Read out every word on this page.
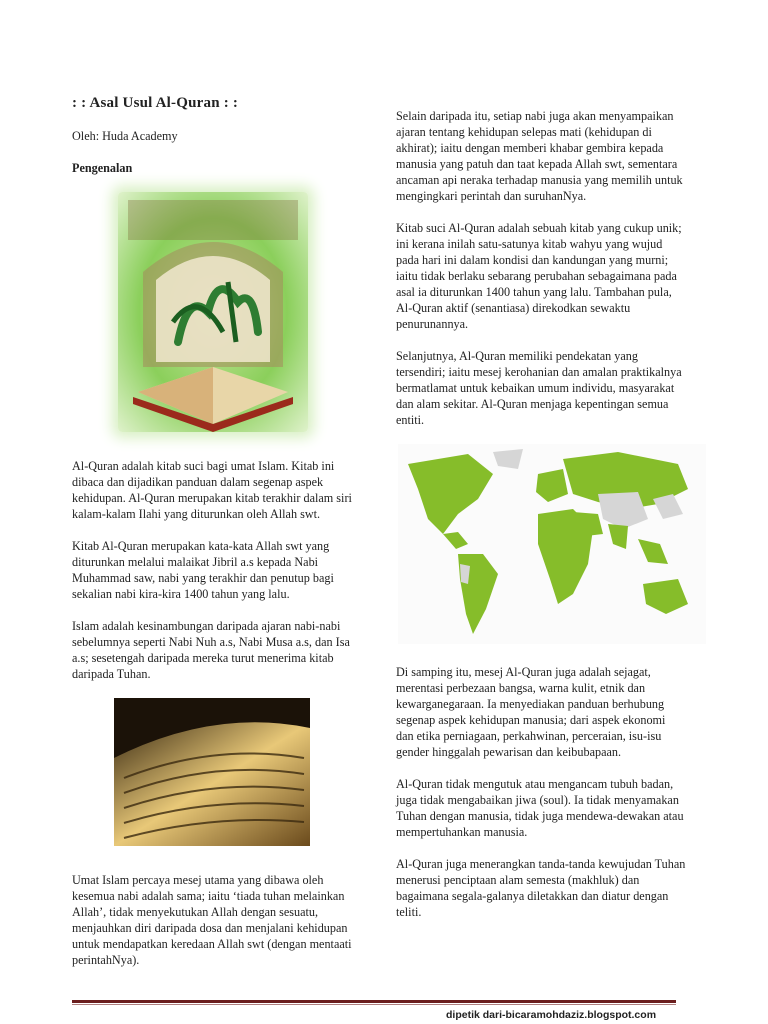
: : Asal Usul Al-Quran : :

Oleh: Huda Academy

Pengenalan

Al-Quran adalah kitab suci bagi umat Islam. Kitab ini dibaca dan dijadikan panduan dalam segenap aspek kehidupan. Al-Quran merupakan kitab terakhir dalam siri kalam-kalam Ilahi yang diturunkan oleh Allah swt.

Kitab Al-Quran merupakan kata-kata Allah swt yang diturunkan melalui malaikat Jibril a.s kepada Nabi Muhammad saw, nabi yang terakhir dan penutup bagi sekalian nabi kira-kira 1400 tahun yang lalu.

Islam adalah kesinambungan daripada ajaran nabi-nabi sebelumnya seperti Nabi Nuh a.s, Nabi Musa a.s, dan Isa a.s; sesetengah daripada mereka turut menerima kitab daripada Tuhan.

Umat Islam percaya mesej utama yang dibawa oleh kesemua nabi adalah sama; iaitu ‘tiada tuhan melainkan Allah’, tidak menyekutukan Allah dengan sesuatu, menjauhkan diri daripada dosa dan menjalani kehidupan untuk mendapatkan keredaan Allah swt (dengan mentaati perintahNya).

Selain daripada itu, setiap nabi juga akan menyampaikan ajaran tentang kehidupan selepas mati (kehidupan di akhirat); iaitu dengan memberi khabar gembira kepada manusia yang patuh dan taat kepada Allah swt, sementara ancaman api neraka terhadap manusia yang memilih untuk mengingkari perintah dan suruhanNya.

Kitab suci Al-Quran adalah sebuah kitab yang cukup unik; ini kerana inilah satu-satunya kitab wahyu yang wujud pada hari ini dalam kondisi dan kandungan yang murni; iaitu tidak berlaku sebarang perubahan sebagaimana pada asal ia diturunkan 1400 tahun yang lalu. Tambahan pula, Al-Quran aktif (senantiasa) direkodkan sewaktu penurunannya.

Selanjutnya, Al-Quran memiliki pendekatan yang tersendiri; iaitu mesej kerohanian dan amalan praktikalnya bermatlamat untuk kebaikan umum individu, masyarakat dan alam sekitar. Al-Quran menjaga kepentingan semua entiti.

Di samping itu, mesej Al-Quran juga adalah sejagat, merentasi perbezaan bangsa, warna kulit, etnik dan kewarganegaraan. Ia menyediakan panduan berhubung segenap aspek kehidupan manusia; dari aspek ekonomi dan etika perniagaan, perkahwinan, perceraian, isu-isu gender hinggalah pewarisan dan keibubapaan.

Al-Quran tidak mengutuk atau mengancam tubuh badan, juga tidak mengabaikan jiwa (soul). Ia tidak menyamakan Tuhan dengan manusia, tidak juga mendewa-dewakan atau mempertuhankan manusia.

Al-Quran juga menerangkan tanda-tanda kewujudan Tuhan menerusi penciptaan alam semesta (makhluk) dan bagaimana segala-galanya diletakkan dan diatur dengan teliti.

dipetik dari-bicaramohdaziz.blogspot.com
